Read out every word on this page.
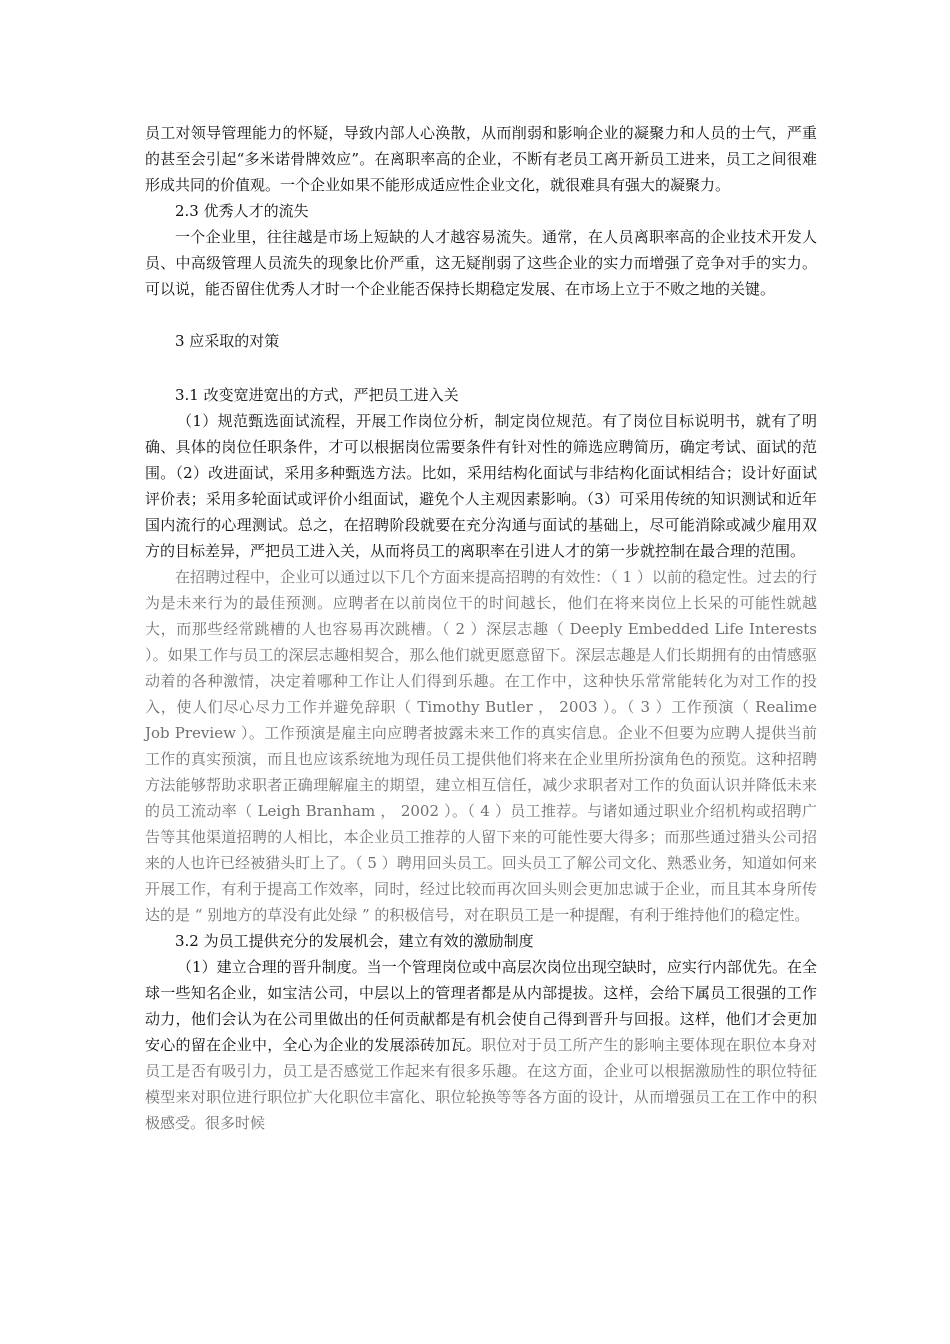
员工对领导管理能力的怀疑，导致内部人心涣散，从而削弱和影响企业的凝聚力和人员的士气，严重的甚至会引起“多米诺骨牌效应”。在离职率高的企业，不断有老员工离开新员工进来，员工之间很难形成共同的价值观。一个企业如果不能形成适应性企业文化，就很难具有强大的凝聚力。

2.3 优秀人才的流失

一个企业里，往往越是市场上短缺的人才越容易流失。通常，在人员离职率高的企业技术开发人员、中高级管理人员流失的现象比价严重，这无疑削弱了这些企业的实力而增强了竞争对手的实力。可以说，能否留住优秀人才时一个企业能否保持长期稳定发展、在市场上立于不败之地的关键。

3 应采取的对策

3.1 改变宽进宽出的方式，严把员工进入关

（1）规范甄选面试流程，开展工作岗位分析，制定岗位规范。有了岗位目标说明书，就有了明确、具体的岗位任职条件，才可以根据岗位需要条件有针对性的筛选应聘简历，确定考试、面试的范围。（2）改进面试，采用多种甄选方法。比如，采用结构化面试与非结构化面试相结合；设计好面试评价表；采用多轮面试或评价小组面试，避免个人主观因素影响。（3）可采用传统的知识测试和近年国内流行的心理测试。总之，在招聘阶段就要在充分沟通与面试的基础上，尽可能消除或减少雇用双方的目标差异，严把员工进入关，从而将员工的离职率在引进人才的第一步就控制在最合理的范围。

在招聘过程中，企业可以通过以下几个方面来提高招聘的有效性：（ 1 ）以前的稳定性。过去的行为是未来行为的最佳预测。应聘者在以前岗位干的时间越长，他们在将来岗位上长呆的可能性就越大，而那些经常跳槽的人也容易再次跳槽。（ 2 ）深层志趣（ Deeply Embedded Life Interests ）。如果工作与员工的深层志趣相契合，那么他们就更愿意留下。深层志趣是人们长期拥有的由情感驱动着的各种激情，决定着哪种工作让人们得到乐趣。在工作中，这种快乐常常能转化为对工作的投入，使人们尽心尽力工作并避免辞职（ Timothy Butler ， 2003 ）。（ 3 ）工作预演（ Realime Job Preview ）。工作预演是雇主向应聘者披露未来工作的真实信息。企业不但要为应聘人提供当前工作的真实预演，而且也应该系统地为现任员工提供他们将来在企业里所扮演角色的预览。这种招聘方法能够帮助求职者正确理解雇主的期望，建立相互信任，减少求职者对工作的负面认识并降低未来的员工流动率（ Leigh Branham ， 2002 ）。（ 4 ）员工推荐。与诸如通过职业介绍机构或招聘广告等其他渠道招聘的人相比，本企业员工推荐的人留下来的可能性要大得多；而那些通过猎头公司招来的人也许已经被猎头盯上了。（ 5 ）聘用回头员工。回头员工了解公司文化、熟悉业务，知道如何来开展工作，有利于提高工作效率，同时，经过比较而再次回头则会更加忠诚于企业，而且其本身所传达的是 “ 别地方的草没有此处绿 ” 的积极信号，对在职员工是一种提醒，有利于维持他们的稳定性。

3.2 为员工提供充分的发展机会，建立有效的激励制度

（1）建立合理的晋升制度。当一个管理岗位或中高层次岗位出现空缺时，应实行内部优先。在全球一些知名企业，如宝洁公司，中层以上的管理者都是从内部提拔。这样，会给下属员工很强的工作动力，他们会认为在公司里做出的任何贡献都是有机会使自己得到晋升与回报。这样，他们才会更加安心的留在企业中，全心为企业的发展添砖加瓦。职位对于员工所产生的影响主要体现在职位本身对员工是否有吸引力，员工是否感觉工作起来有很多乐趣。在这方面，企业可以根据激励性的职位特征模型来对职位进行职位扩大化职位丰富化、职位轮换等等各方面的设计，从而增强员工在工作中的积极感受。很多时候
